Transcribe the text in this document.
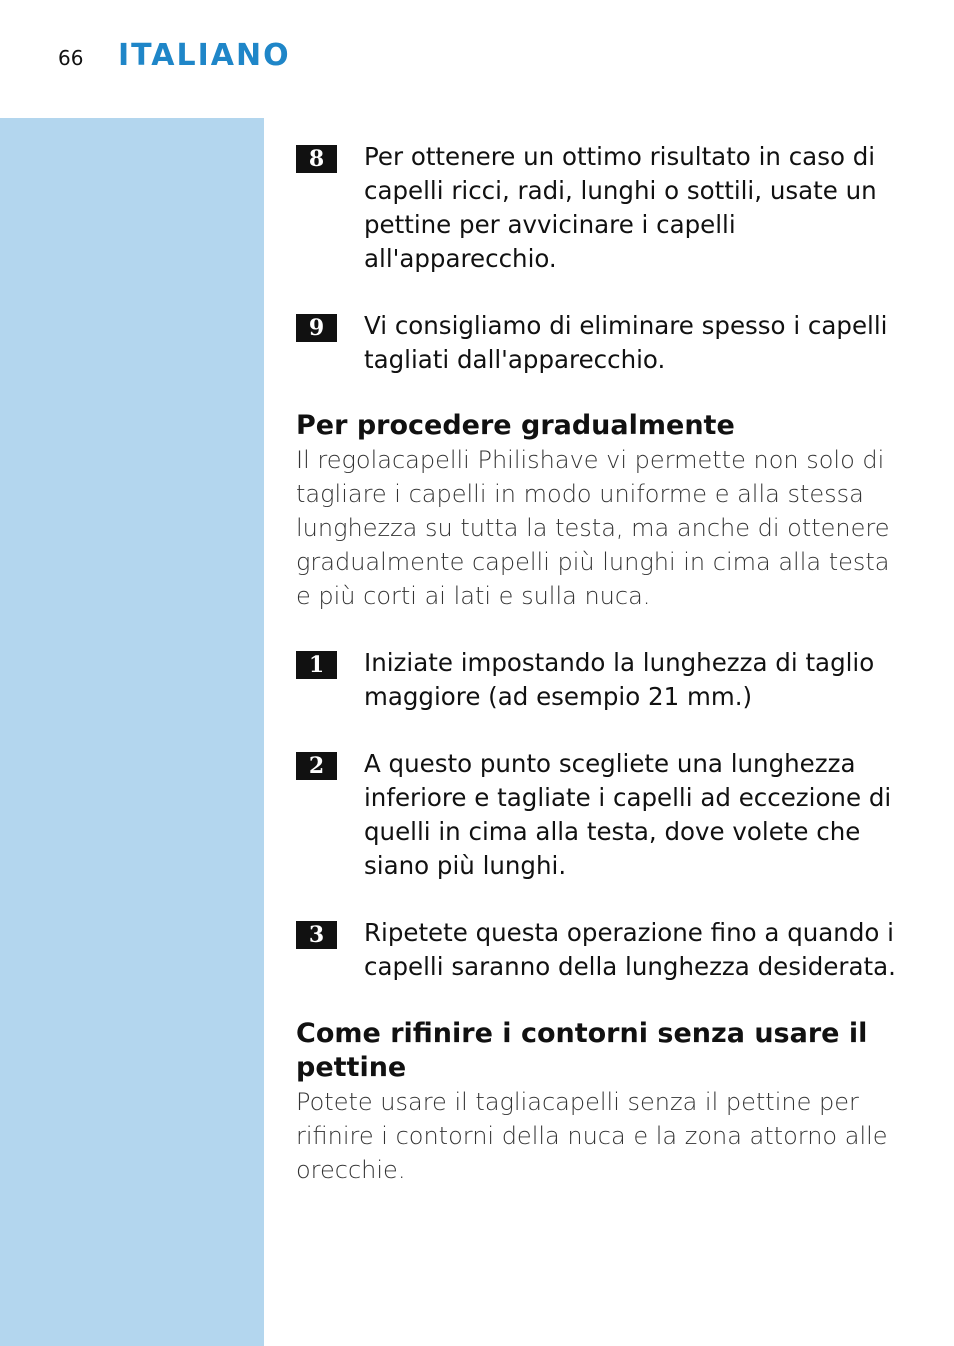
66 ITALIANO
8	Per ottenere un ottimo risultato in caso di capelli ricci, radi, lunghi o sottili, usate un pettine per avvicinare i capelli all'apparecchio.
9	Vi consigliamo di eliminare spesso i capelli tagliati dall'apparecchio.
Per procedere gradualmente

Il regolacapelli Philishave vi permette non solo di tagliare i capelli in modo uniforme e alla stessa lunghezza su tutta la testa, ma anche di ottenere gradualmente capelli più lunghi in cima alla testa e più corti ai lati e sulla nuca.

1	Iniziate impostando la lunghezza di taglio maggiore (ad esempio 21 mm.)
2	A questo punto scegliete una lunghezza inferiore e tagliate i capelli ad eccezione di quelli in cima alla testa, dove volete che siano più lunghi.
3	Ripetete questa operazione fino a quando i capelli saranno della lunghezza desiderata.
Come rifinire i contorni senza usare il pettine

Potete usare il tagliacapelli senza il pettine per rifinire i contorni della nuca e la zona attorno alle orecchie.
